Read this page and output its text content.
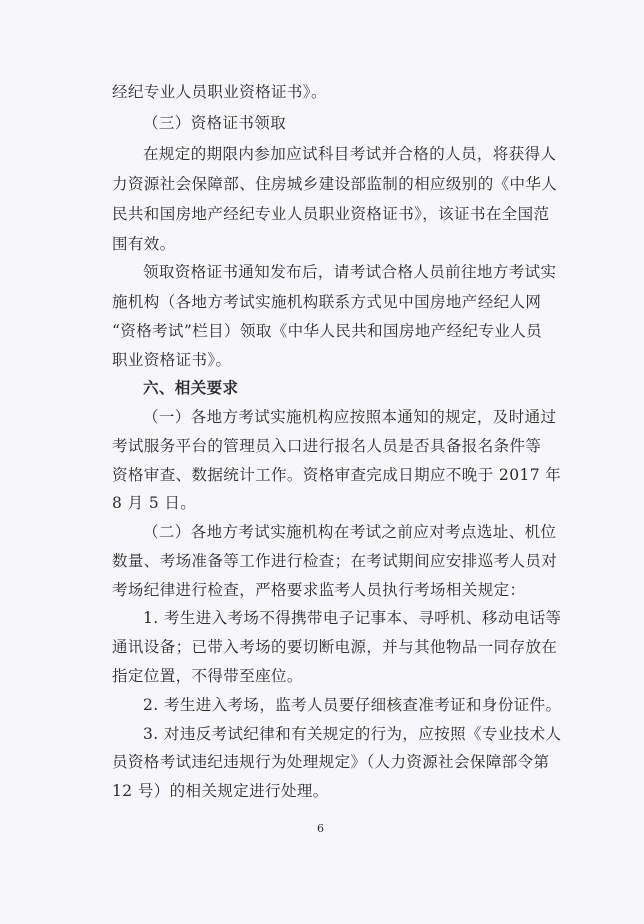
经纪专业人员职业资格证书》。
（三）资格证书领取
在规定的期限内参加应试科目考试并合格的人员，将获得人
力资源社会保障部、住房城乡建设部监制的相应级别的《中华人
民共和国房地产经纪专业人员职业资格证书》，该证书在全国范
围有效。
领取资格证书通知发布后，请考试合格人员前往地方考试实
施机构（各地方考试实施机构联系方式见中国房地产经纪人网
“资格考试”栏目）领取《中华人民共和国房地产经纪专业人员
职业资格证书》。
六、相关要求
（一）各地方考试实施机构应按照本通知的规定，及时通过
考试服务平台的管理员入口进行报名人员是否具备报名条件等
资格审查、数据统计工作。资格审查完成日期应不晚于 2017 年
8 月 5 日。
（二）各地方考试实施机构在考试之前应对考点选址、机位
数量、考场准备等工作进行检查；在考试期间应安排巡考人员对
考场纪律进行检查，严格要求监考人员执行考场相关规定：
1. 考生进入考场不得携带电子记事本、寻呼机、移动电话等
通讯设备；已带入考场的要切断电源，并与其他物品一同存放在
指定位置，不得带至座位。
2. 考生进入考场，监考人员要仔细核查准考证和身份证件。
3. 对违反考试纪律和有关规定的行为，应按照《专业技术人
员资格考试违纪违规行为处理规定》（人力资源社会保障部令第
12 号）的相关规定进行处理。
6
